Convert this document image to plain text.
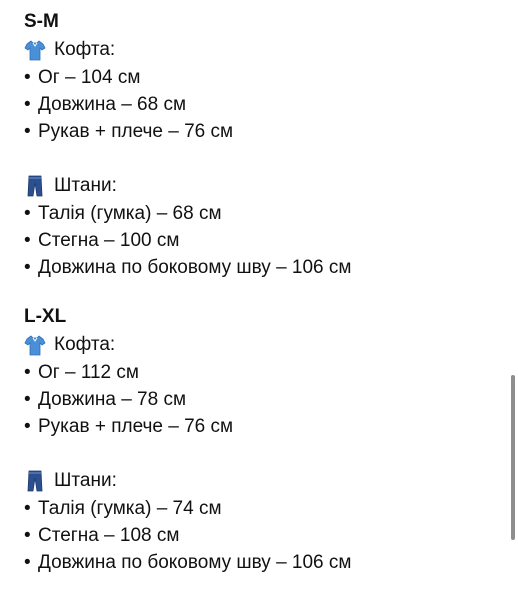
S-M
Кофта:
• Ог – 104 см
• Довжина – 68 см
• Рукав + плече – 76 см
Штани:
• Талія (гумка) – 68 см
• Стегна – 100 см
• Довжина по боковому шву – 106 см
L-XL
Кофта:
• Ог – 112 см
• Довжина – 78 см
• Рукав + плече – 76 см
Штани:
• Талія (гумка) – 74 см
• Стегна – 108 см
• Довжина по боковому шву – 106 см
